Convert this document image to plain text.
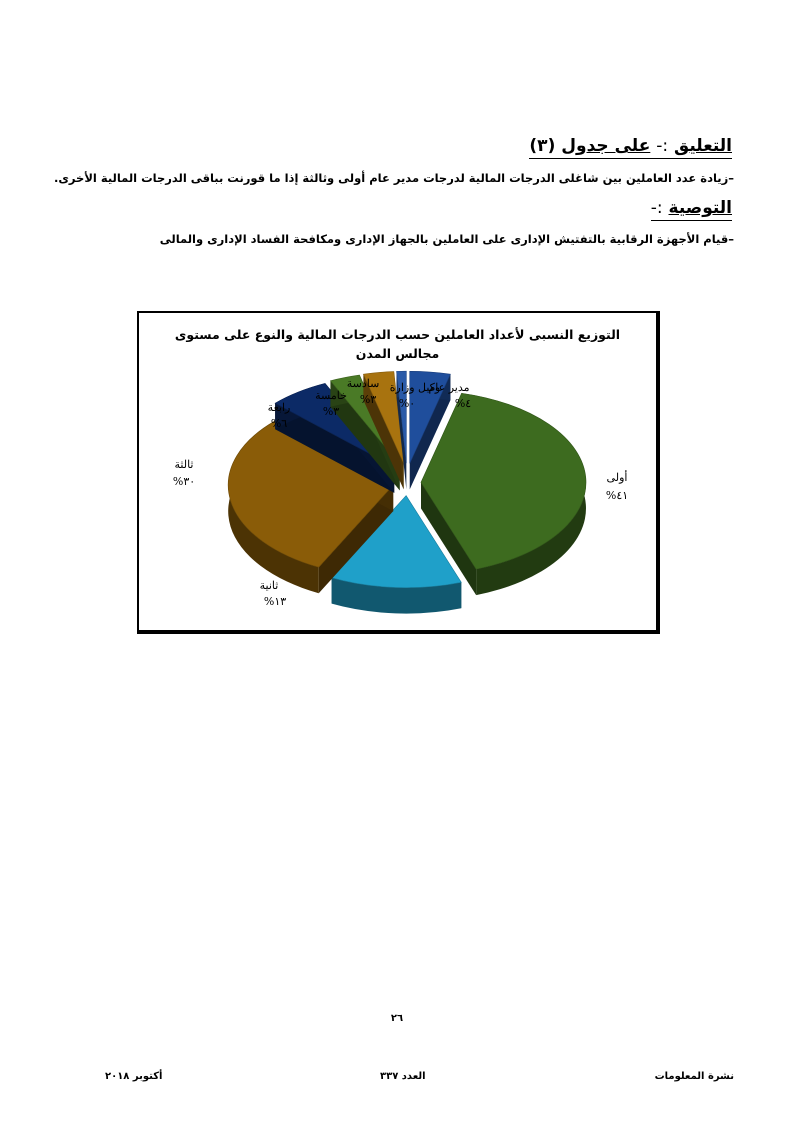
التعليق :- على جدول (٣)
–زيادة عدد العاملين بين شاغلى الدرجات المالية لدرجات مدير عام أولى وثالثة إذا ما قورنت بباقى الدرجات المالية الأخرى.
التوصية :-
–قيام الأجهزة الرقابية بالتفتيش الإدارى على العاملين بالجهاز الإدارى ومكافحة الفساد الإدارى والمالى
التوزيع النسبى لأعداد العاملين حسب الدرجات المالية والنوع على مستوى
مجالس المدن
مدير عام
%٤
أولى
%٤١
ثانية
%١٣
ثالثة
%٣٠
رابعة
%٦
خامسة
%٣
سادسة
%٣
وكيل وزارة
%٠
٢٦
نشرة المعلومات
العدد ٣٣٧
أكتوبر ٢٠١٨
